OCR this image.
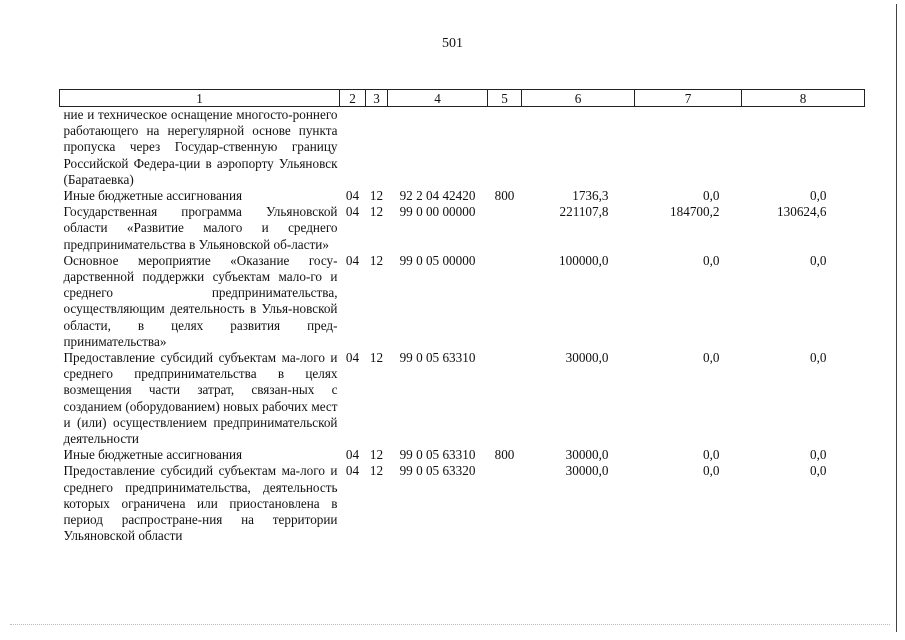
501
1	2	3	4	5	6	7	8
ние и техническое оснащение многосто-роннего работающего на нерегулярной основе пункта пропуска через Государ-ственную границу Российской Федера-ции в аэропорту Ульяновск (Баратаевка)							
Иные бюджетные ассигнования	04	12	92 2 04 42420	800	1736,3	0,0	0,0
Государственная программа Ульяновской области «Развитие малого и среднего предпринимательства в Ульяновской об-ласти»	04	12	99 0 00 00000		221107,8	184700,2	130624,6
Основное мероприятие «Оказание госу-дарственной поддержки субъектам мало-го и среднего предпринимательства, осуществляющим деятельность в Улья-новской области, в целях развития пред-принимательства»	04	12	99 0 05 00000		100000,0	0,0	0,0
Предоставление субсидий субъектам ма-лого и среднего предпринимательства в целях возмещения части затрат, связан-ных с созданием (оборудованием) новых рабочих мест и (или) осуществлением предпринимательской деятельности	04	12	99 0 05 63310		30000,0	0,0	0,0
Иные бюджетные ассигнования	04	12	99 0 05 63310	800	30000,0	0,0	0,0
Предоставление субсидий субъектам ма-лого и среднего предпринимательства, деятельность которых ограничена или приостановлена в период распростране-ния на территории Ульяновской области	04	12	99 0 05 63320		30000,0	0,0	0,0
